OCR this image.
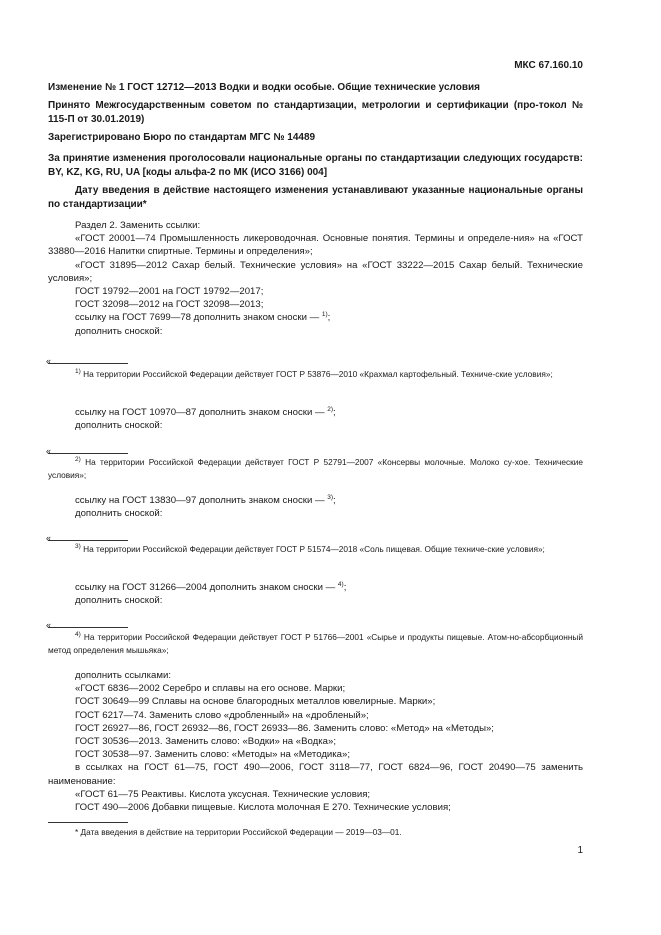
МКС 67.160.10
Изменение № 1 ГОСТ 12712—2013 Водки и водки особые. Общие технические условия
Принято Межгосударственным советом по стандартизации, метрологии и сертификации (про-токол № 115-П от 30.01.2019)
Зарегистрировано Бюро по стандартам МГС № 14489
За принятие изменения проголосовали национальные органы по стандартизации следующих государств: BY, KZ, KG, RU, UA [коды альфа-2 по МК (ИСО 3166) 004]
Дату введения в действие настоящего изменения устанавливают указанные национальные органы по стандартизации*

Раздел 2. Заменить ссылки:

«ГОСТ 20001—74 Промышленность ликероводочная. Основные понятия. Термины и определе-ния» на «ГОСТ 33880—2016 Напитки спиртные. Термины и определения»;

«ГОСТ 31895—2012 Сахар белый. Технические условия» на «ГОСТ 33222—2015 Сахар белый. Технические условия»;

ГОСТ 19792—2001 на ГОСТ 19792—2017;

ГОСТ 32098—2012 на ГОСТ 32098—2013;

ссылку на ГОСТ 7699—78 дополнить знаком сноски — $^{1)}$;

дополнить сноской:

«
$^{1)}$ На территории Российской Федерации действует ГОСТ Р 53876—2010 «Крахмал картофельный. Техниче-ские условия»;

ссылку на ГОСТ 10970—87 дополнить знаком сноски — $^{2)}$;

дополнить сноской:

«
$^{2)}$ На территории Российской Федерации действует ГОСТ Р 52791—2007 «Консервы молочные. Молоко су-хое. Технические условия»;

ссылку на ГОСТ 13830—97 дополнить знаком сноски — $^{3)}$;

дополнить сноской:

«
$^{3)}$ На территории Российской Федерации действует ГОСТ Р 51574—2018 «Соль пищевая. Общие техниче-ские условия»;

ссылку на ГОСТ 31266—2004 дополнить знаком сноски — $^{4)}$;

дополнить сноской:

«
$^{4)}$ На территории Российской Федерации действует ГОСТ Р 51766—2001 «Сырье и продукты пищевые. Атом-но-абсорбционный метод определения мышьяка»;

дополнить ссылками:

«ГОСТ 6836—2002 Серебро и сплавы на его основе. Марки;

ГОСТ 30649—99 Сплавы на основе благородных металлов ювелирные. Марки»;

ГОСТ 6217—74. Заменить слово «дробленный» на «дробленый»;

ГОСТ 26927—86, ГОСТ 26932—86, ГОСТ 26933—86. Заменить слово: «Метод» на «Методы»;

ГОСТ 30536—2013. Заменить слово: «Водки» на «Водка»;

ГОСТ 30538—97. Заменить слово: «Методы» на «Методика»;

в ссылках на ГОСТ 61—75, ГОСТ 490—2006, ГОСТ 3118—77, ГОСТ 6824—96, ГОСТ 20490—75 заменить наименование:

«ГОСТ 61—75 Реактивы. Кислота уксусная. Технические условия;

ГОСТ 490—2006 Добавки пищевые. Кислота молочная Е 270. Технические условия;

* Дата введения в действие на территории Российской Федерации — 2019—03—01.
1
